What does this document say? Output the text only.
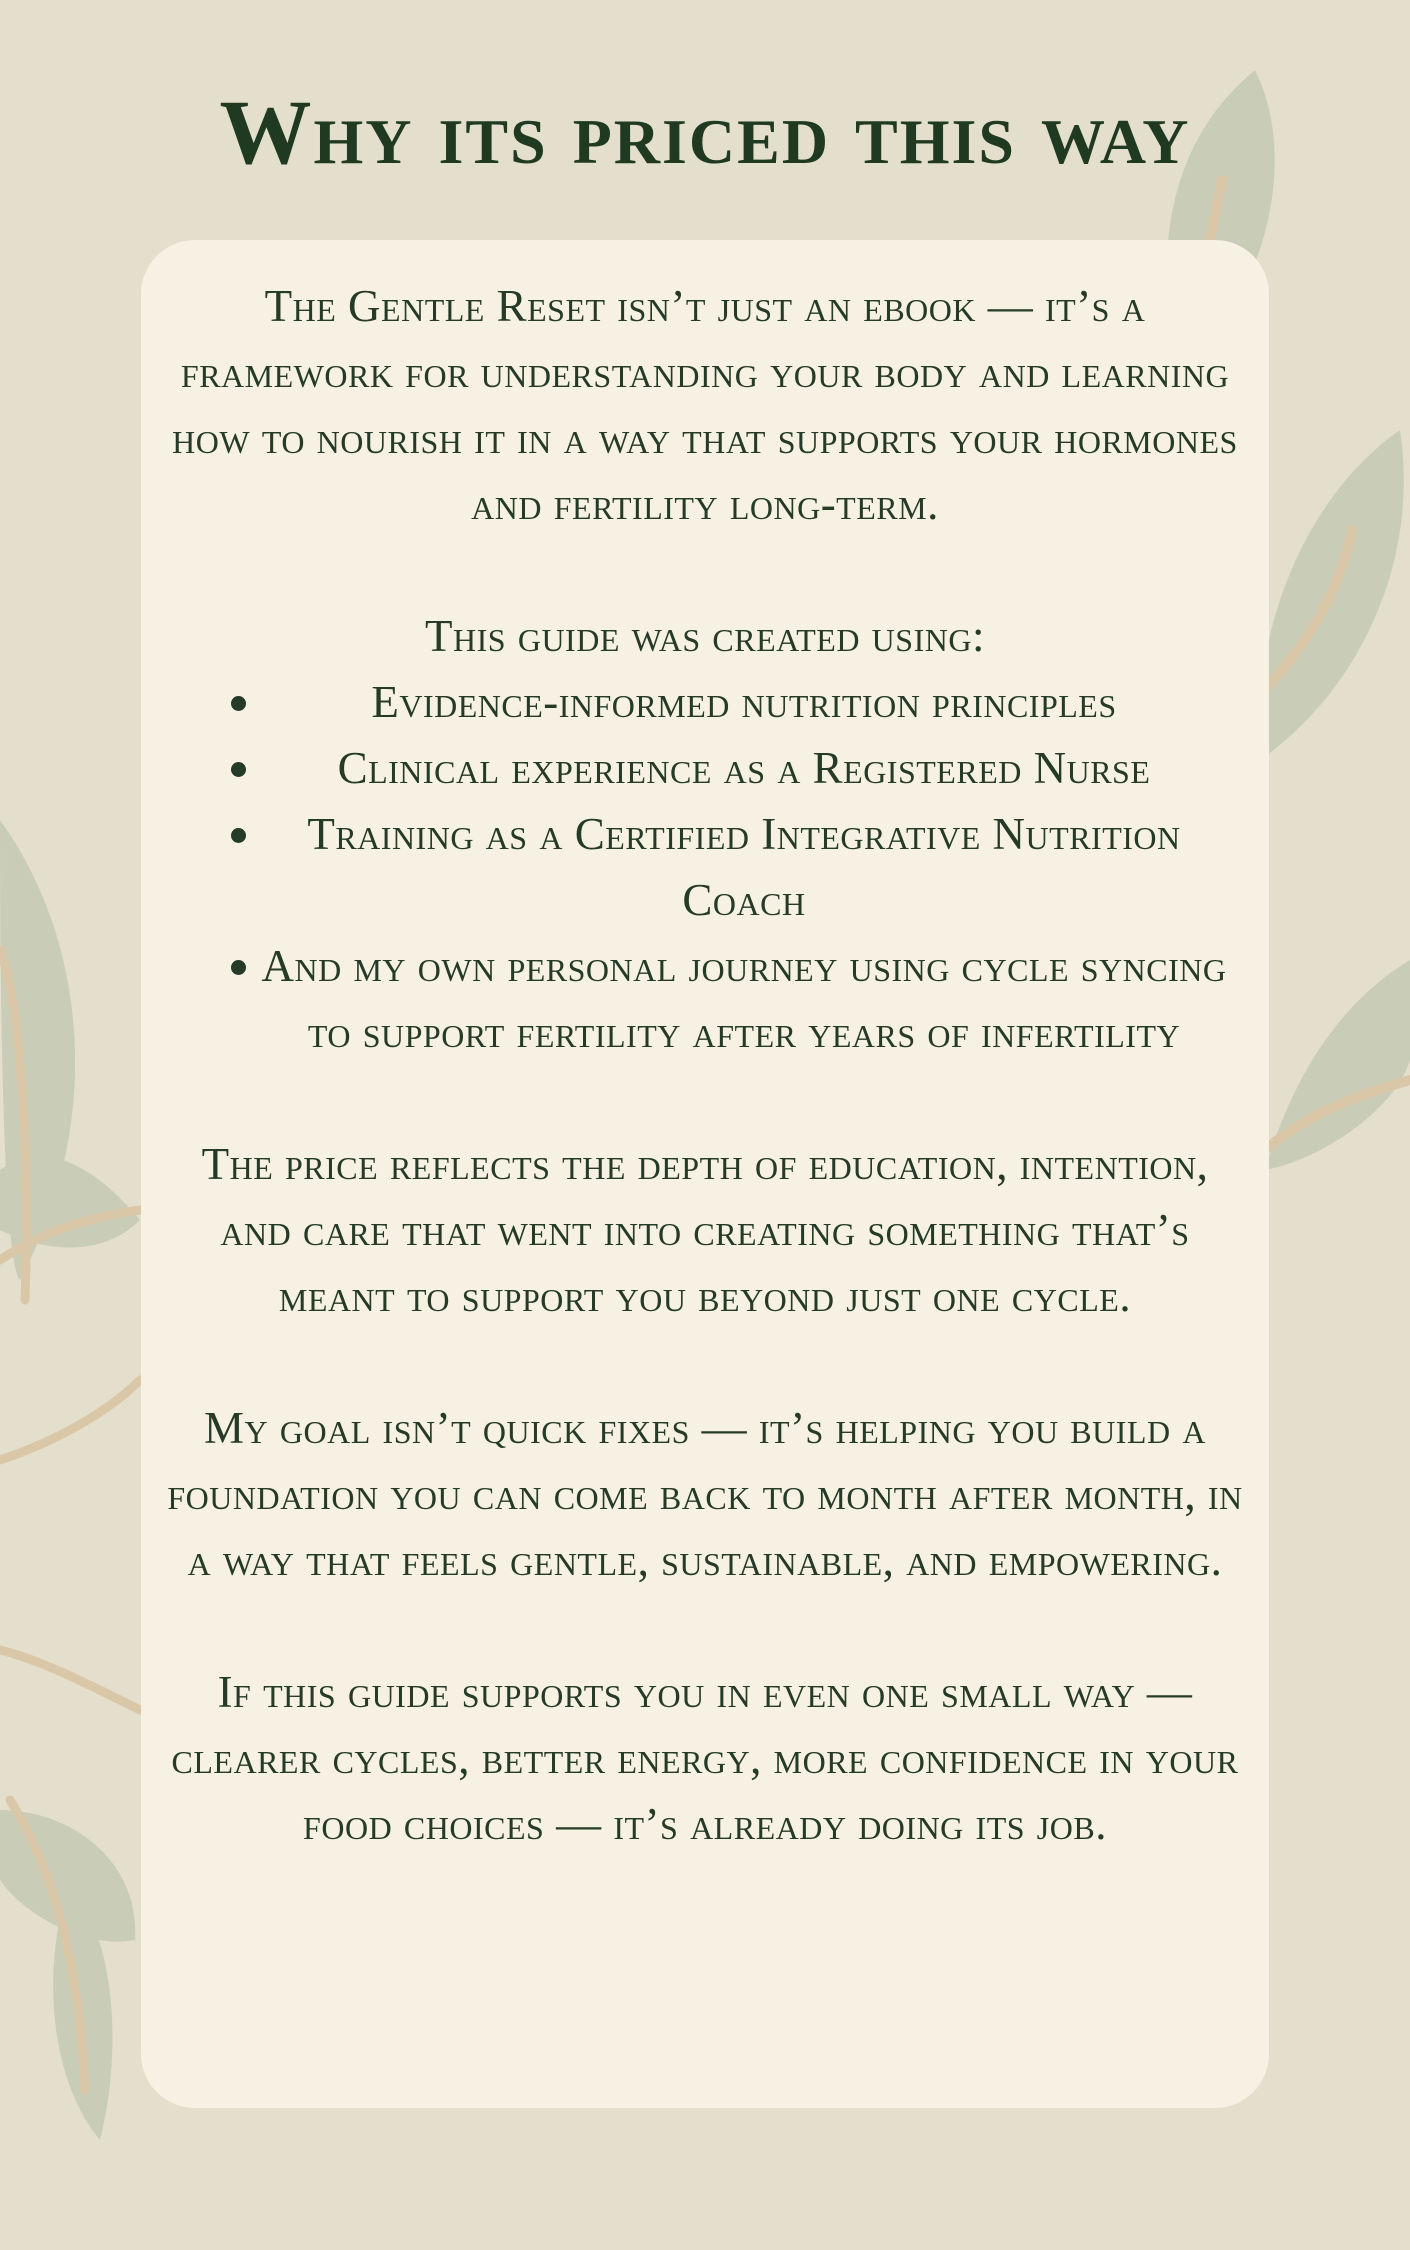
Why its priced this way

The Gentle Reset isn’t just an ebook — it’s a framework for understanding your body and learning how to nourish it in a way that supports your hormones and fertility long-term.

This guide was created using:

Evidence-informed nutrition principles
Clinical experience as a Registered Nurse
Training as a Certified Integrative Nutrition Coach
And my own personal journey using cycle syncing to support fertility after years of infertility

The price reflects the depth of education, intention, and care that went into creating something that’s meant to support you beyond just one cycle.

My goal isn’t quick fixes — it’s helping you build a foundation you can come back to month after month, in a way that feels gentle, sustainable, and empowering.

If this guide supports you in even one small way — clearer cycles, better energy, more confidence in your food choices — it’s already doing its job.
